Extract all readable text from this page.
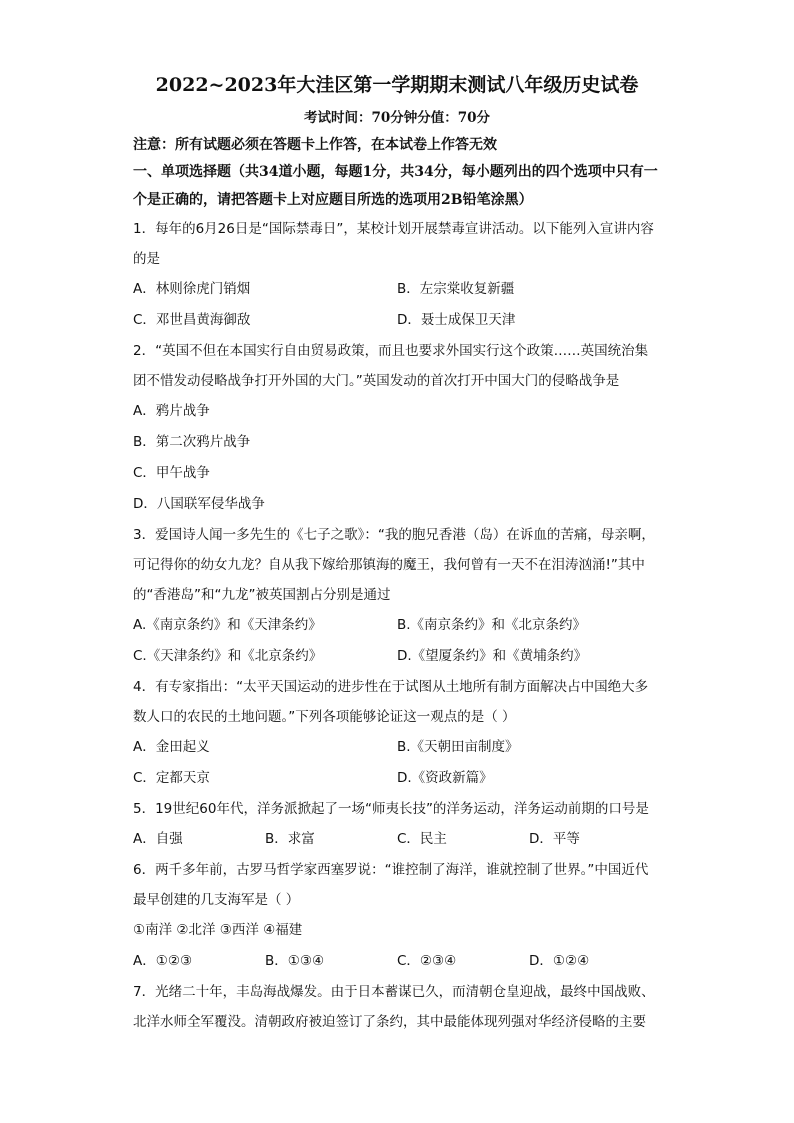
2022~2023年大洼区第一学期期末测试八年级历史试卷
考试时间：70分钟分值：70分
注意：所有试题必须在答题卡上作答，在本试卷上作答无效
一、单项选择题（共34道小题，每题1分，共34分，每小题列出的四个选项中只有一个是正确的，请把答题卡上对应题目所选的选项用2B铅笔涂黑）
1．每年的6月26日是“国际禁毒日”，某校计划开展禁毒宣讲活动。以下能列入宣讲内容的是
A．林则徐虎门销烟	B．左宗棠收复新疆
C．邓世昌黄海御敌	D．聂士成保卫天津
2．“英国不但在本国实行自由贸易政策，而且也要求外国实行这个政策……英国统治集团不惜发动侵略战争打开外国的大门。”英国发动的首次打开中国大门的侵略战争是
A．鸦片战争
B．第二次鸦片战争
C．甲午战争
D．八国联军侵华战争
3．爱国诗人闻一多先生的《七子之歌》：“我的胞兄香港（岛）在诉血的苦痛，母亲啊，可记得你的幼女九龙？自从我下嫁给那镇海的魔王，我何曾有一天不在泪涛汹涌!”其中的“香港岛”和“九龙”被英国割占分别是通过
A.《南京条约》和《天津条约》	B.《南京条约》和《北京条约》
C.《天津条约》和《北京条约》	D.《望厦条约》和《黄埔条约》
4．有专家指出：“太平天国运动的进步性在于试图从土地所有制方面解决占中国绝大多数人口的农民的土地问题。”下列各项能够论证这一观点的是（ ）
A．金田起义	B.《天朝田亩制度》
C．定都天京	D.《资政新篇》
5．19世纪60年代，洋务派掀起了一场“师夷长技”的洋务运动，洋务运动前期的口号是
A．自强	B．求富	C．民主	D．平等
6．两千多年前，古罗马哲学家西塞罗说：“谁控制了海洋，谁就控制了世界。”中国近代最早创建的几支海军是（ ）
①南洋 ②北洋 ③西洋 ④福建
A．①②③	B．①③④	C．②③④	D．①②④
7．光绪二十年，丰岛海战爆发。由于日本蓄谋已久，而清朝仓皇迎战，最终中国战败、北洋水师全军覆没。清朝政府被迫签订了条约，其中最能体现列强对华经济侵略的主要
